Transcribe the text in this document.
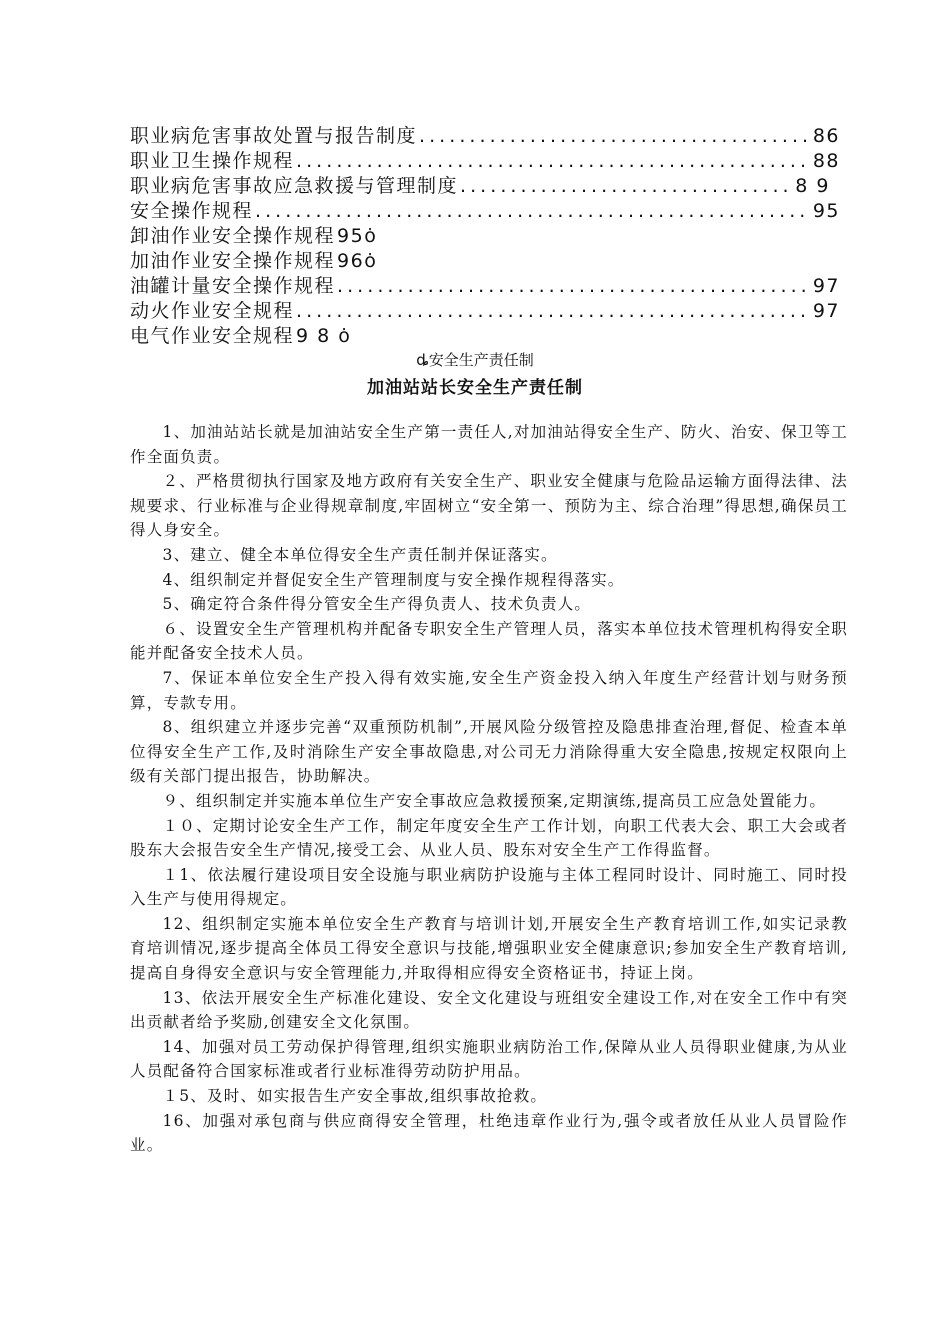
职业病危害事故处置与报告制度 . . .	86
职业卫生操作规程 . . .	88
职业病危害事故应急救援与管理制度 . . .	8 9
安全操作规程 . . .	95
卸油作业安全操作规程 95ȯ
加油作业安全操作规程 96ȯ
油罐计量安全操作规程 . . .	97
动火作业安全规程 . . .	97
电气作业安全规程 9 8 ȯ
ȡ安全生产责任制
加油站站长安全生产责任制

1、加油站站长就是加油站安全生产第一责任人,对加油站得安全生产、防火、治安、保卫等工作全面负责。

２、严格贯彻执行国家及地方政府有关安全生产、职业安全健康与危险品运输方面得法律、法规要求、行业标准与企业得规章制度,牢固树立“安全第一、预防为主、综合治理”得思想,确保员工得人身安全。

3、建立、健全本单位得安全生产责任制并保证落实。

4、组织制定并督促安全生产管理制度与安全操作规程得落实。

5、确定符合条件得分管安全生产得负责人、技术负责人。

６、设置安全生产管理机构并配备专职安全生产管理人员，落实本单位技术管理机构得安全职能并配备安全技术人员。

7、保证本单位安全生产投入得有效实施,安全生产资金投入纳入年度生产经营计划与财务预算，专款专用。

8、组织建立并逐步完善“双重预防机制”,开展风险分级管控及隐患排查治理,督促、检查本单位得安全生产工作,及时消除生产安全事故隐患,对公司无力消除得重大安全隐患,按规定权限向上级有关部门提出报告，协助解决。

９、组织制定并实施本单位生产安全事故应急救援预案,定期演练,提高员工应急处置能力。

１０、定期讨论安全生产工作，制定年度安全生产工作计划，向职工代表大会、职工大会或者股东大会报告安全生产情况,接受工会、从业人员、股东对安全生产工作得监督。

１1、依法履行建设项目安全设施与职业病防护设施与主体工程同时设计、同时施工、同时投入生产与使用得规定。

12、组织制定实施本单位安全生产教育与培训计划,开展安全生产教育培训工作,如实记录教育培训情况,逐步提高全体员工得安全意识与技能,增强职业安全健康意识;参加安全生产教育培训,提高自身得安全意识与安全管理能力,并取得相应得安全资格证书，持证上岗。

13、依法开展安全生产标准化建设、安全文化建设与班组安全建设工作,对在安全工作中有突出贡献者给予奖励,创建安全文化氛围。

14、加强对员工劳动保护得管理,组织实施职业病防治工作,保障从业人员得职业健康,为从业人员配备符合国家标准或者行业标准得劳动防护用品。

１5、及时、如实报告生产安全事故,组织事故抢救。

16、加强对承包商与供应商得安全管理，杜绝违章作业行为,强令或者放任从业人员冒险作业。
